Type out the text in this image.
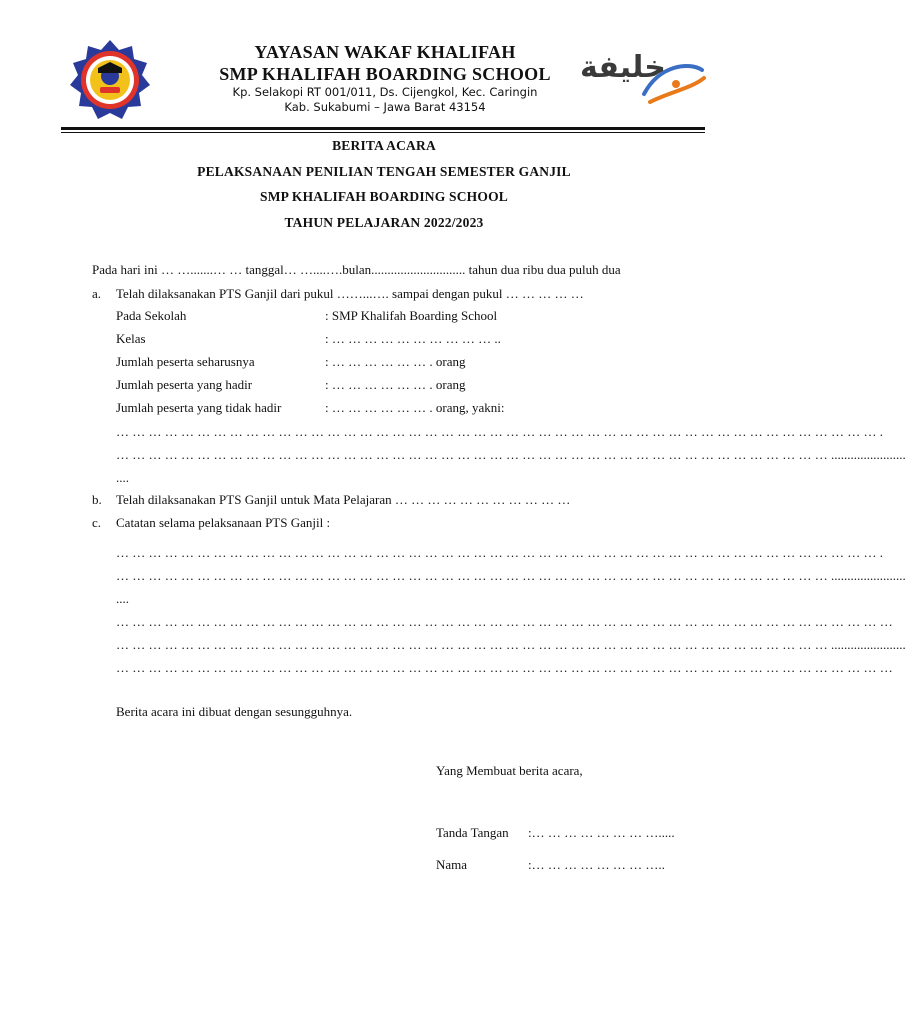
YAYASAN WAKAF KHALIFAH
SMP KHALIFAH BOARDING SCHOOL
Kp. Selakopi RT 001/011, Ds. Cijengkol, Kec. Caringin
Kab. Sukabumi – Jawa Barat 43154
خليفة
BERITA ACARA
PELAKSANAAN PENILIAN TENGAH SEMESTER GANJIL
SMP KHALIFAH BOARDING SCHOOL
TAHUN PELAJARAN 2022/2023
Pada hari ini … ….......… … tanggal… …....….bulan............................. tahun dua ribu dua puluh dua
a. Telah dilaksanakan PTS Ganjil dari pukul ……...…. sampai dengan pukul … … … … …
Pada Sekolah	: SMP Khalifah Boarding School
Kelas	: … … … … … … … … … … ..
Jumlah peserta seharusnya	: … … … … … … . orang
Jumlah peserta yang hadir	: … … … … … … . orang
Jumlah peserta yang tidak hadir	: … … … … … … . orang, yakni:
… … … … … … … … … … … … … … … … … … … … … … … … … … … … … … … … … … … … … … … … … … … … … … … .
… … … … … … … … … … … … … … … … … … … … … … … … … … … … … … … … … … … … … … … … … … … … .......................
....
b. Telah dilaksanakan PTS Ganjil untuk Mata Pelajaran … … … … … … … … … … …
c. Catatan selama pelaksanaan PTS Ganjil :
… … … … … … … … … … … … … … … … … … … … … … … … … … … … … … … … … … … … … … … … … … … … … … … .
… … … … … … … … … … … … … … … … … … … … … … … … … … … … … … … … … … … … … … … … … … … … .......................
....
… … … … … … … … … … … … … … … … … … … … … … … … … … … … … … … … … … … … … … … … … … … … … … … …
… … … … … … … … … … … … … … … … … … … … … … … … … … … … … … … … … … … … … … … … … … … … .......................
… … … … … … … … … … … … … … … … … … … … … … … … … … … … … … … … … … … … … … … … … … … … … … … …
Berita acara ini dibuat dengan sesungguhnya.
Yang Membuat berita acara,
Tanda Tangan :… … … … … … … ….....
Nama	:… … … … … … … …..
